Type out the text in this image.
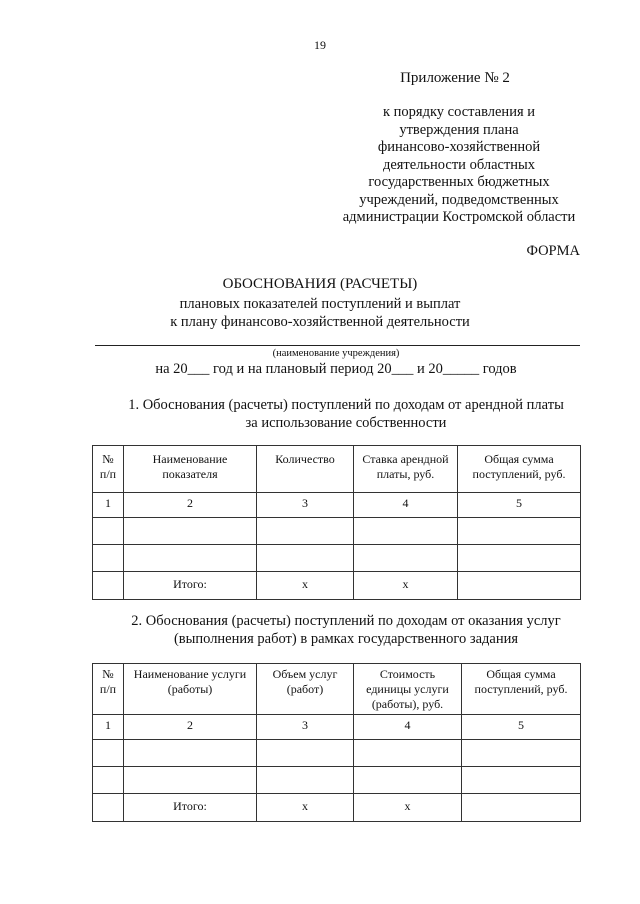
19
Приложение № 2
к порядку составления и
утверждения плана
финансово-хозяйственной
деятельности областных
государственных бюджетных
учреждений, подведомственных
администрации Костромской области
ФОРМА
ОБОСНОВАНИЯ (РАСЧЕТЫ)
плановых показателей поступлений и выплат
к плану финансово-хозяйственной деятельности
(наименование учреждения)
на 20___ год и на плановый период 20___ и 20_____ годов
1. Обоснования (расчеты) поступлений по доходам от арендной платы
за использование собственности
№ п/п	Наименование показателя	Количество	Ставка арендной платы, руб.	Общая сумма поступлений, руб.
1	2	3	4	5

	Итого:	x	x	
2. Обоснования (расчеты) поступлений по доходам от оказания услуг
(выполнения работ) в рамках государственного задания
№ п/п	Наименование услуги (работы)	Объем услуг (работ)	Стоимость единицы услуги (работы), руб.	Общая сумма поступлений, руб.
1	2	3	4	5

	Итого:	x	x	
